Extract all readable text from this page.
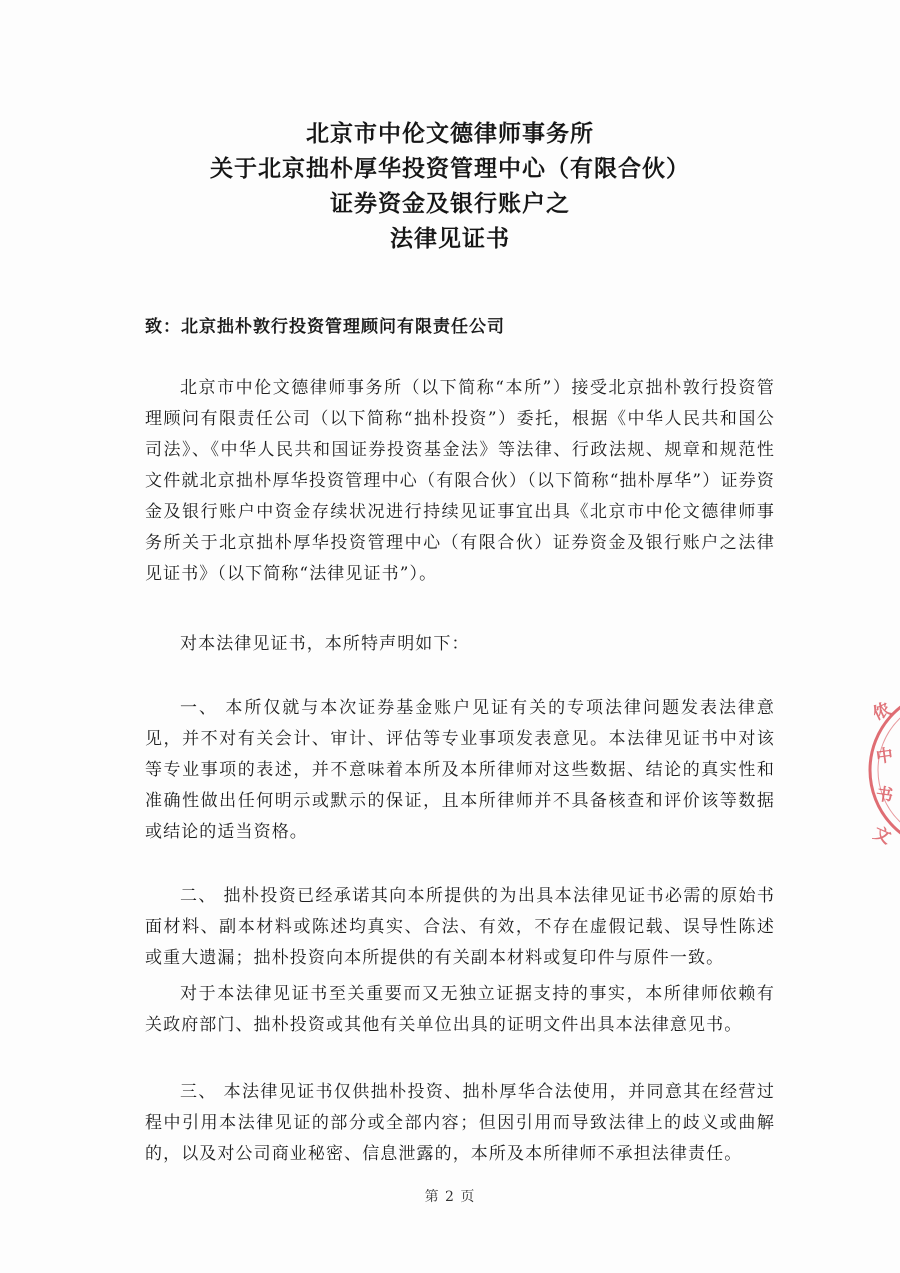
北京市中伦文德律师事务所

关于北京拙朴厚华投资管理中心（有限合伙）

证券资金及银行账户之

法律见证书

致：北京拙朴敦行投资管理顾问有限责任公司

北京市中伦文德律师事务所（以下简称“本所”）接受北京拙朴敦行投资管理顾问有限责任公司（以下简称“拙朴投资”）委托，根据《中华人民共和国公司法》、《中华人民共和国证券投资基金法》等法律、行政法规、规章和规范性文件就北京拙朴厚华投资管理中心（有限合伙）（以下简称“拙朴厚华”）证券资金及银行账户中资金存续状况进行持续见证事宜出具《北京市中伦文德律师事务所关于北京拙朴厚华投资管理中心（有限合伙）证券资金及银行账户之法律见证书》（以下简称“法律见证书”）。

对本法律见证书，本所特声明如下：

一、 本所仅就与本次证券基金账户见证有关的专项法律问题发表法律意见，并不对有关会计、审计、评估等专业事项发表意见。本法律见证书中对该等专业事项的表述，并不意味着本所及本所律师对这些数据、结论的真实性和准确性做出任何明示或默示的保证，且本所律师并不具备核查和评价该等数据或结论的适当资格。

二、 拙朴投资已经承诺其向本所提供的为出具本法律见证书必需的原始书面材料、副本材料或陈述均真实、合法、有效，不存在虚假记载、误导性陈述或重大遗漏；拙朴投资向本所提供的有关副本材料或复印件与原件一致。

对于本法律见证书至关重要而又无独立证据支持的事实，本所律师依赖有关政府部门、拙朴投资或其他有关单位出具的证明文件出具本法律意见书。

三、 本法律见证书仅供拙朴投资、拙朴厚华合法使用，并同意其在经营过程中引用本法律见证的部分或全部内容；但因引用而导致法律上的歧义或曲解的，以及对公司商业秘密、信息泄露的，本所及本所律师不承担法律责任。

第 2 页
侬
中
书
文
